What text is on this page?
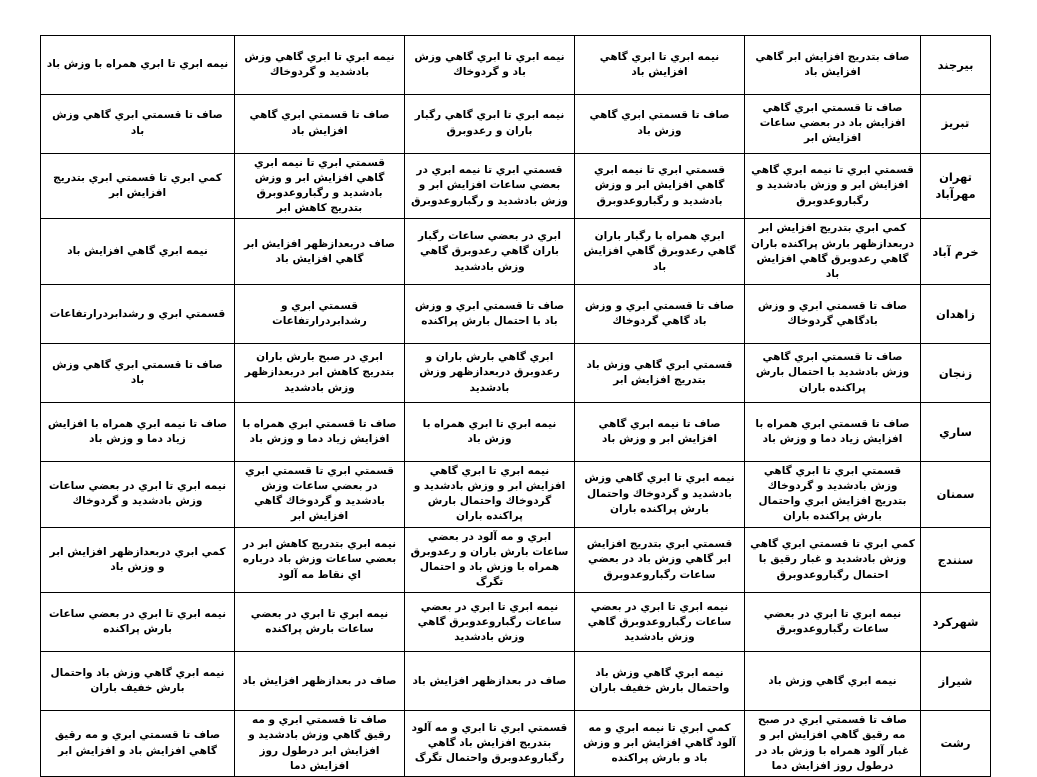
بيرجند	صاف بتدريج افزايش ابر گاهي افزايش باد	نيمه ابري تا ابري گاهي افزايش باد	نيمه ابري تا ابري گاهي وزش باد و گردوخاك	نيمه ابري تا ابري گاهي وزش بادشديد و گردوخاك	نيمه ابري تا ابري همراه با وزش باد
تبريز	صاف تا قسمتي ابري گاهي افزايش باد در بعضي ساعات افزايش ابر	صاف تا قسمتي ابري گاهي وزش باد	نيمه ابري تا ابري گاهي رگبار باران و رعدوبرق	صاف تا قسمتي ابري گاهي افزايش باد	صاف تا قسمتي ابري گاهي وزش باد
تهران مهرآباد	قسمتي ابري تا نيمه ابري گاهي افزايش ابر و وزش بادشديد و رگباروعدوبرق	قسمتي ابري تا نيمه ابري گاهي افزايش ابر و وزش بادشديد و رگباروعدوبرق	قسمتي ابري تا نيمه ابري در بعضي ساعات افزايش ابر و وزش بادشديد و رگباروعدوبرق	قسمتي ابري تا نيمه ابري گاهي افزايش ابر و وزش بادشديد و رگباروعدوبرق بتدريج كاهش ابر	كمي ابري تا قسمتي ابري بتدريج افزايش ابر
خرم آباد	كمي ابري بتدريج افزايش ابر دربعدازظهر بارش پراكنده باران گاهي رعدوبرق گاهي افزايش باد	ابري همراه با رگبار باران گاهي رعدوبرق گاهي افزايش باد	ابري در بعضي ساعات رگبار باران گاهي رعدوبرق گاهي وزش بادشديد	صاف دربعدازظهر افزايش ابر گاهي افزايش باد	نيمه ابري گاهي افزايش باد
زاهدان	صاف تا قسمتي ابري و وزش بادگاهي گردوخاك	صاف تا قسمتي ابري و وزش باد گاهي گردوخاك	صاف تا قسمتي ابري و وزش باد با احتمال بارش پراكنده	قسمتي ابري و رشدابردرارتفاعات	قسمتي ابري و رشدابردرارتفاعات
زنجان	صاف تا قسمتي ابري گاهي وزش بادشديد با احتمال بارش پراكنده باران	قسمتي ابري گاهي وزش باد بتدريج افزايش ابر	ابري گاهي بارش باران و رعدوبرق دربعدازظهر وزش بادشديد	ابري در صبح بارش باران بتدريج كاهش ابر دربعدازظهر وزش بادشديد	صاف تا قسمتي ابري گاهي وزش باد
ساري	صاف تا قسمتي ابري همراه با افزايش زياد دما و وزش باد	صاف تا نيمه ابري گاهي افزايش ابر و وزش باد	نيمه ابري تا ابري همراه با وزش باد	صاف تا قسمتي ابري همراه با افزايش زياد دما و وزش باد	صاف تا نيمه ابري همراه با افزايش زياد دما و وزش باد
سمنان	قسمتي ابري تا ابري گاهي وزش بادشديد و گردوخاك بتدريج افزايش ابري واحتمال بارش پراكنده باران	نيمه ابري تا ابري گاهي وزش بادشديد و گردوخاك واحتمال بارش پراكنده باران	نيمه ابري تا ابري گاهي افزايش ابر و وزش بادشديد و گردوخاك واحتمال بارش پراكنده باران	قسمتي ابري تا قسمتي ابري در بعضي ساعات وزش بادشديد و گردوخاك گاهي افزايش ابر	نيمه ابري تا ابري در بعضي ساعات وزش بادشديد و گردوخاك
سنندج	كمي ابري تا قسمتي ابري گاهي وزش بادشديد و غبار رقيق با احتمال رگباروعدوبرق	قسمتي ابري بتدريج افزايش ابر گاهي وزش باد در بعضي ساعات رگباروعدوبرق	ابري و مه آلود در بعضي ساعات بارش باران و رعدوبرق همراه با وزش باد و احتمال تگرگ	نيمه ابري بتدريج كاهش ابر در بعضي ساعات وزش باد درباره اي نقاط مه آلود	كمي ابري دربعدازظهر افزايش ابر و وزش باد
شهركرد	نيمه ابري تا ابري در بعضي ساعات رگباروعدوبرق	نيمه ابري تا ابري در بعضي ساعات رگباروعدوبرق گاهي وزش بادشديد	نيمه ابري تا ابري در بعضي ساعات رگباروعدوبرق گاهي وزش بادشديد	نيمه ابري تا ابري در بعضي ساعات بارش پراكنده	نيمه ابري تا ابري در بعضي ساعات بارش پراكنده
شيراز	نيمه ابري گاهي وزش باد	نيمه ابري گاهي وزش باد واحتمال بارش خفيف باران	صاف در بعدازظهر افزايش باد	صاف در بعدازظهر افزايش باد	نيمه ابري گاهي وزش باد واحتمال بارش خفيف باران
رشت	صاف تا قسمتي ابري در صبح مه رقيق گاهي افزايش ابر و غبار آلود همراه با وزش باد در درطول روز افزايش دما	كمي ابري تا نيمه ابري و مه آلود گاهي افزايش ابر و وزش باد و بارش پراكنده	قسمتي ابري تا ابري و مه آلود بتدريج افزايش باد گاهي رگباروعدوبرق واحتمال تگرگ	صاف تا قسمتي ابري و مه رقيق گاهي وزش بادشديد و افزايش ابر درطول روز افزايش دما	صاف تا قسمتي ابري و مه رقيق گاهي افزايش باد و افزايش ابر
